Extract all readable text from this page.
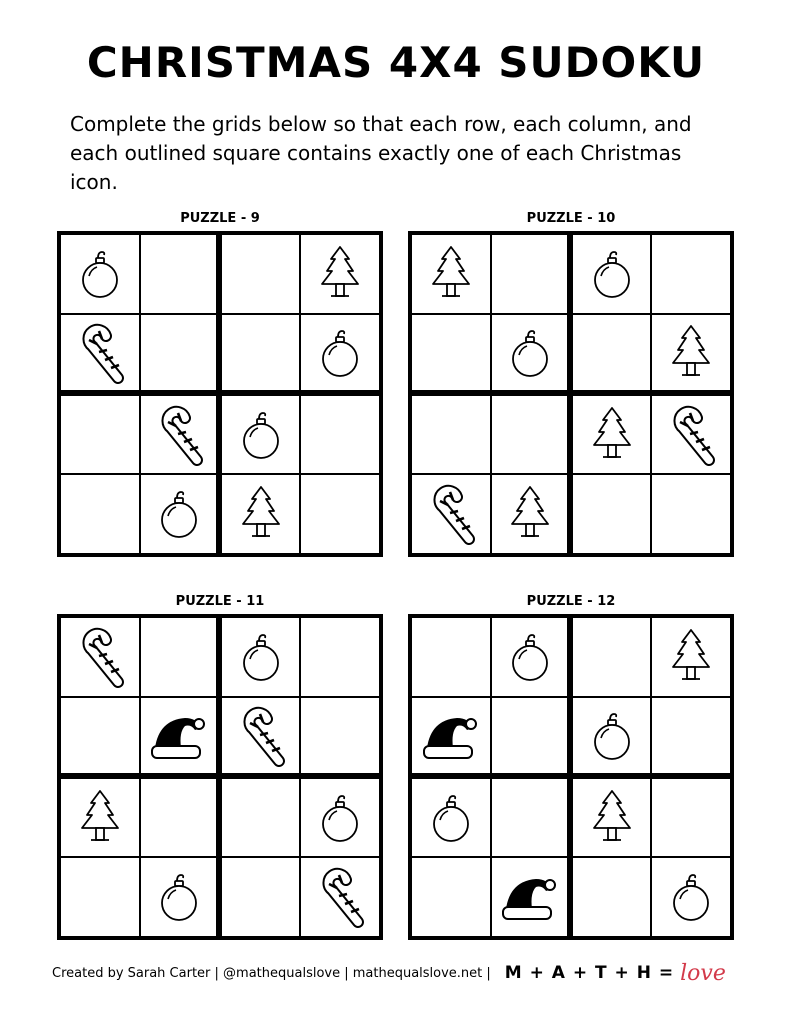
CHRISTMAS 4X4 SUDOKU

Complete the grids below so that each row, each column, and each outlined square contains exactly one of each Christmas icon.

PUZZLE - 9	PUZZLE - 10
PUZZLE - 11	PUZZLE - 12
Created by Sarah Carter | @mathequalslove | mathequalslove.net | M + A + T + H = love
